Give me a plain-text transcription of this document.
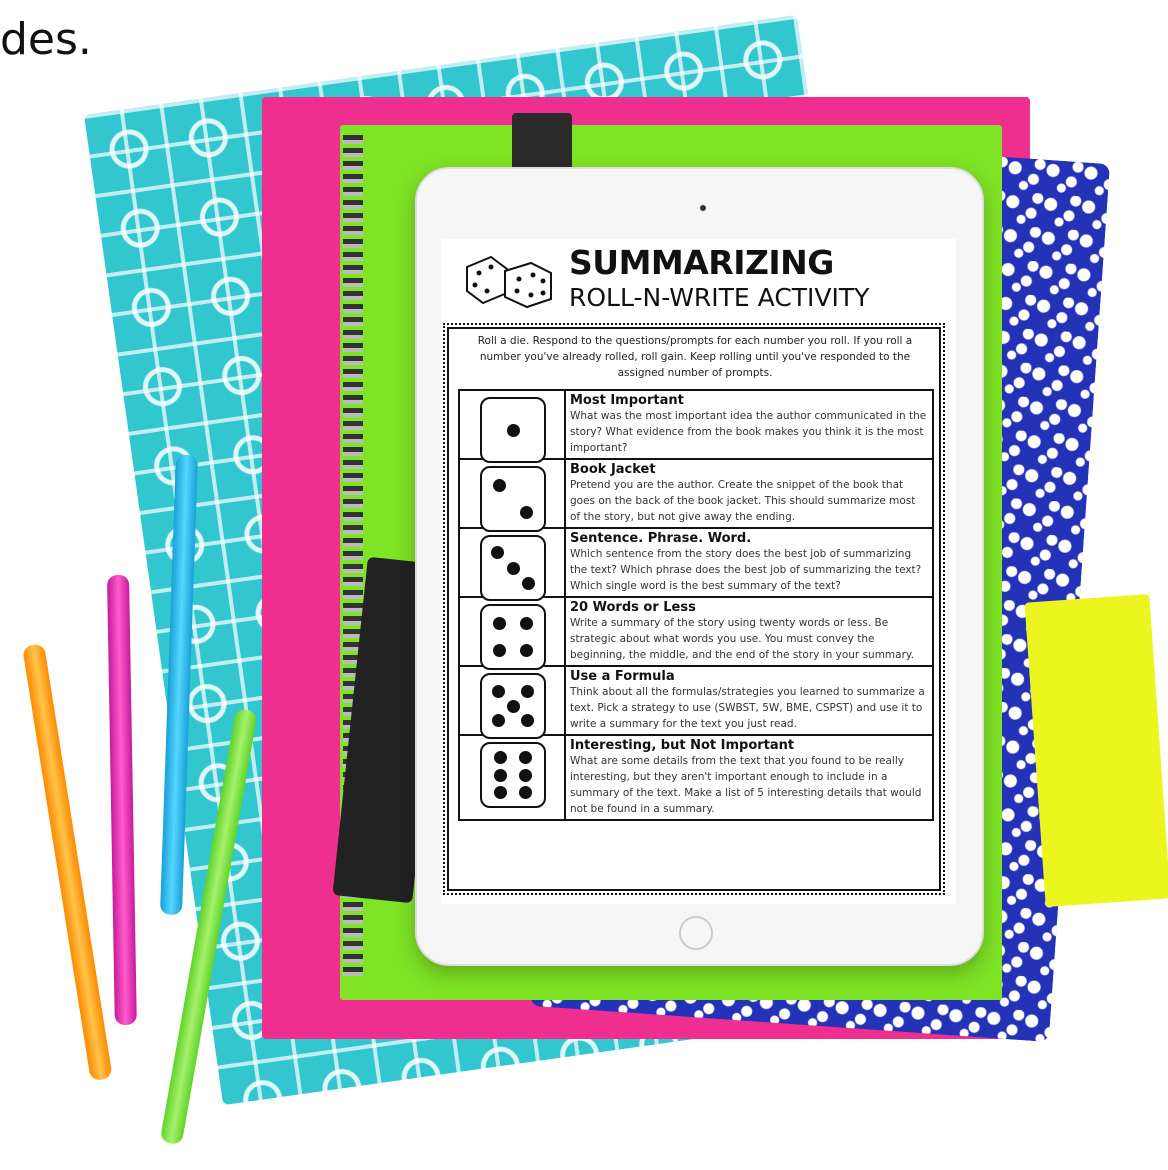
des.
SUMMARIZING
ROLL-N-WRITE ACTIVITY
Roll a die. Respond to the questions/prompts for each number you roll. If you roll a number you've already rolled, roll gain. Keep rolling until you've responded to the assigned number of prompts.

	Most Important
What was the most important idea the author communicated in the story? What evidence from the book makes you think it is the most important?

	Book Jacket
Pretend you are the author. Create the snippet of the book that goes on the back of the book jacket. This should summarize most of the story, but not give away the ending.

	Sentence. Phrase. Word.
Which sentence from the story does the best job of summarizing the text? Which phrase does the best job of summarizing the text? Which single word is the best summary of the text?

	20 Words or Less
Write a summary of the story using twenty words or less. Be strategic about what words you use. You must convey the beginning, the middle, and the end of the story in your summary.

	Use a Formula
Think about all the formulas/strategies you learned to summarize a text. Pick a strategy to use (SWBST, 5W, BME, CSPST) and use it to write a summary for the text you just read.

	Interesting, but Not Important
What are some details from the text that you found to be really interesting, but they aren't important enough to include in a summary of the text. Make a list of 5 interesting details that would not be found in a summary.
